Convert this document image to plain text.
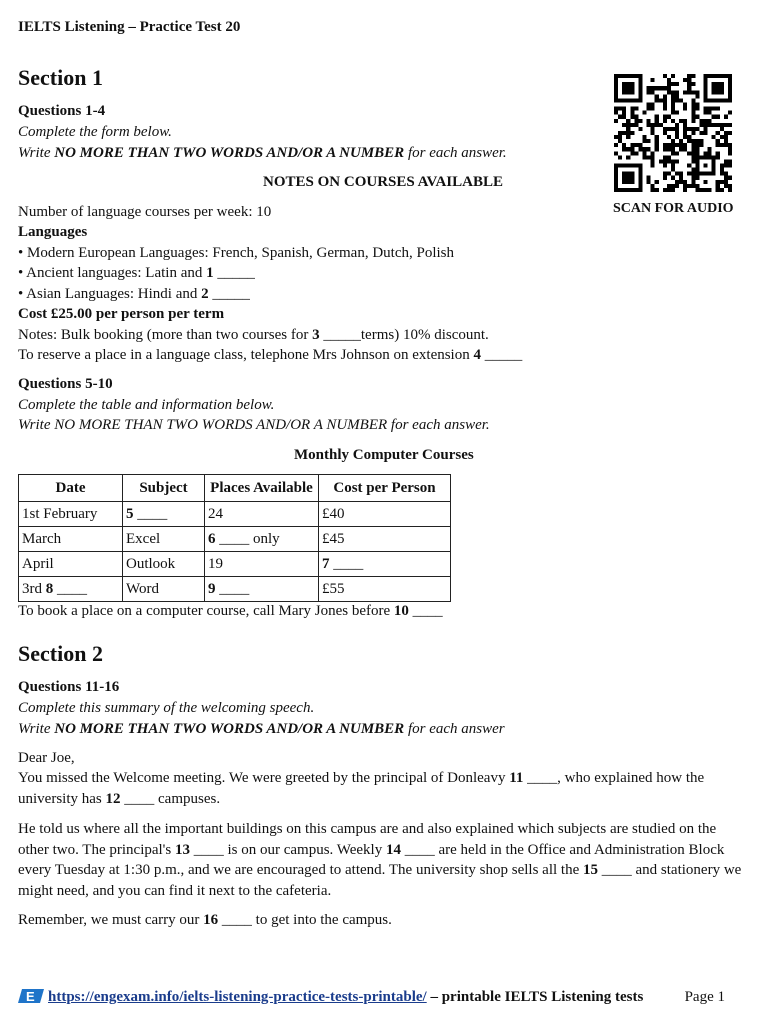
IELTS Listening – Practice Test 20
Section 1
SCAN FOR AUDIO
Questions 1-4
Complete the form below.
Write NO MORE THAN TWO WORDS AND/OR A NUMBER for each answer.
NOTES ON COURSES AVAILABLE
Number of language courses per week: 10
Languages
• Modern European Languages: French, Spanish, German, Dutch, Polish
• Ancient languages: Latin and 1 _____
• Asian Languages: Hindi and 2 _____
Cost £25.00 per person per term
Notes: Bulk booking (more than two courses for 3 _____terms) 10% discount.
To reserve a place in a language class, telephone Mrs Johnson on extension 4 _____
Questions 5-10
Complete the table and information below.
Write NO MORE THAN TWO WORDS AND/OR A NUMBER for each answer.
Monthly Computer Courses
Date	Subject	Places Available	Cost per Person
1st February	5 ____	24	£40
March	Excel	6 ____ only	£45
April	Outlook	19	7 ____
3rd 8 ____	Word	9 ____	£55
To book a place on a computer course, call Mary Jones before 10 ____
Section 2
Questions 11-16
Complete this summary of the welcoming speech.
Write NO MORE THAN TWO WORDS AND/OR A NUMBER for each answer
Dear Joe,
You missed the Welcome meeting. We were greeted by the principal of Donleavy 11 ____, who explained how the university has 12 ____ campuses.
He told us where all the important buildings on this campus are and also explained which subjects are studied on the other two. The principal's 13 ____ is on our campus. Weekly 14 ____ are held in the Office and Administration Block every Tuesday at 1:30 p.m., and we are encouraged to attend. The university shop sells all the 15 ____ and stationery we might need, and you can find it next to the cafeteria.
Remember, we must carry our 16 ____ to get into the campus.
E https://engexam.info/ielts-listening-practice-tests-printable/ – printable IELTS Listening tests	Page 1
